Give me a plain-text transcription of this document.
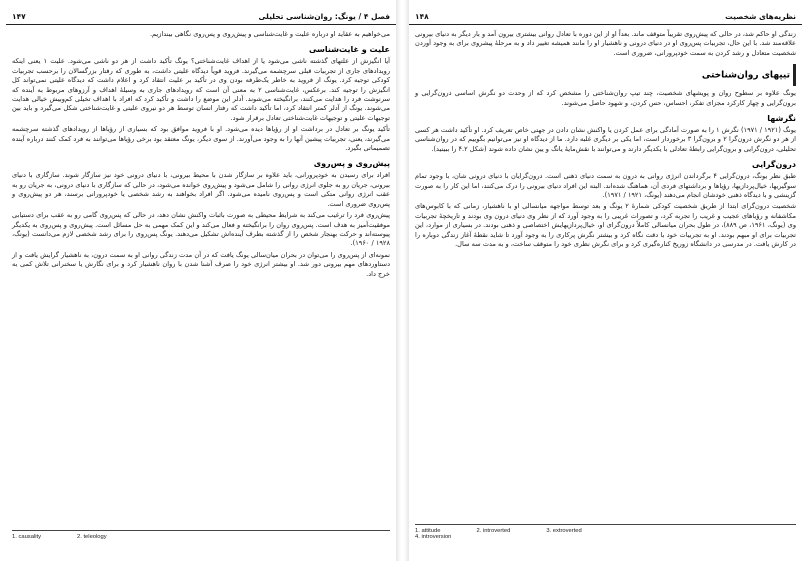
فصل ۴ / یونگ: روان‌شناسی تحلیلی
۱۴۷

می‌خواهیم به عقاید او درباره علیت و غایت‌شناسی و پیش‌روی و پس‌روی نگاهی بیندازیم.

علیت و غایت‌شناسی

آیا انگیزش از علتهای گذشته ناشی می‌شود یا از اهداف غایت‌شناختی؟ یونگ تأکید داشت از هر دو ناشی می‌شود. علیت ۱ یعنی اینکه رویدادهای جاری از تجربیات قبلی سرچشمه می‌گیرند. فروید قویاً دیدگاه علیتی داشت، به طوری که رفتار بزرگسالان را برحسب تجربیات کودکی توجیه کرد. یونگ از فروید به خاطر یک‌طرفه بودن وی در تأکید بر علیت انتقاد کرد و اعلام داشت که دیدگاه علیتی نمی‌تواند کل انگیزش را توجیه کند. برعکس، غایت‌شناسی ۲ به معنی آن است که رویدادهای جاری به وسیلهٔ اهداف و آرزوهای مربوط به آینده که سرنوشت فرد را هدایت می‌کنند، برانگیخته می‌شوند. آدلر این موضع را داشت و تأکید کرد که افراد با اهداف تخیلی کم‌وبیش خیالی هدایت می‌شوند. یونگ از آدلر کمتر انتقاد کرد، اما تأکید داشت که رفتار انسان توسط هر دو نیروی علیتی و غایت‌شناختی شکل می‌گیرد و باید بین توجیهات علیتی و توجیهات غایت‌شناختی تعادل برقرار شود.

تأکید یونگ بر تعادل در برداشت او از رؤیاها دیده می‌شود. او با فروید موافق بود که بسیاری از رؤیاها از رویدادهای گذشته سرچشمه می‌گیرند، یعنی، تجربیات پیشین آنها را به وجود می‌آورند. از سوی دیگر، یونگ معتقد بود برخی رؤیاها می‌توانند به فرد کمک کنند درباره آینده تصمیماتی بگیرد.

پیش‌روی و پس‌روی

افراد برای رسیدن به خودپرورانی، باید علاوه بر سازگار شدن با محیط بیرونی، با دنیای درونی خود نیز سازگار شوند. سازگاری با دنیای بیرونی، جریان رو به جلوی انرژی روانی را شامل می‌شود و پیش‌روی خوانده می‌شود، در حالی که سازگاری با دنیای درونی، به جریان رو به عقب انرژی روانی متکی است و پس‌روی نامیده می‌شود. اگر افراد بخواهند به رشد شخصی یا خودپرورانی برسند، هر دو پیش‌روی و پس‌روی ضروری است.

پیش‌روی فرد را ترغیب می‌کند به شرایط محیطی به صورت باثبات واکنش نشان دهد، در حالی که پس‌روی گامی رو به عقب برای دستیابی موفقیت‌آمیز به هدف است. پس‌روی روان را برانگیخته و فعال می‌کند و این کمک مهمی به حل مسائل است. پیش‌روی و پس‌روی به یکدیگر پیوسته‌اند و حرکت بهنجار شخص را از گذشته بطرف آینده‌اش تشکیل می‌دهند. یونگ پس‌روی را برای رشد شخصی لازم می‌دانست (یونگ، ۱۹۲۸ / ۱۹۶۰).

نمونه‌ای از پس‌روی را می‌توان در بحران میان‌سالی یونگ یافت که در آن مدت زندگی روانی او به سمت درون، به ناهشیار گرایش یافت و از دستاوردهای مهم بیرونی دور شد. او بیشتر انرژی خود را صرف آشنا شدن با روان ناهشیار کرد و برای نگارش یا سخنرانی تلاش کمی به خرج داد.

1. causality	2. teleology
نظریه‌های شخصیت
۱۴۸

زندگی او حاکم شد، در حالی که پیش‌روی تقریباً متوقف ماند. بعداً او از این دوره با تعادل روانی بیشتری بیرون آمد و بار دیگر به دنیای بیرونی علاقه‌مند شد. با این حال، تجربیات پس‌روی او در دنیای درونی و ناهشیار او را مانند همیشه تغییر داد و به مرحلهٔ پیشروی برای به وجود آوردن شخصیت متعادل و رشد کردن به سمت خودپرورانی، ضروری است.

تیپهای روان‌شناختی

یونگ علاوه بر سطوح روان و پویشهای شخصیت، چند تیپ روان‌شناختی را مشخص کرد که از وحدت دو نگرش اساسی درون‌گرایی و برون‌گرایی و چهار کارکرد مجزای تفکر، احساس، حس کردن، و شهود حاصل می‌شوند.

نگرشها

یونگ (۱۹۲۱ / ۱۹۷۱) نگرش ۱ را به صورت آمادگی برای عمل کردن یا واکنش نشان دادن در جهتی خاص تعریف کرد. او تأکید داشت هر کسی از هر دو نگرش درون‌گرا ۲ و برون‌گرا ۳ برخوردار است، اما یکی بر دیگری غلبه دارد. ما از دیدگاه او نیز می‌توانیم بگوییم که در روان‌شناسی تحلیلی، درون‌گرایی و برون‌گرایی رابطهٔ تعادلی با یکدیگر دارند و می‌توانند با نقش‌مایهٔ یانگ و یین نشان داده شوند (شکل ۴.۲ را ببینید).

درون‌گرایی

طبق نظر یونگ، درون‌گرایی ۴ برگرداندن انرژی روانی به درون به سمت دنیای ذهنی است. درون‌گرایان با دنیای درونی شان، با وجود تمام سوگیریها، خیال‌پردازیها، رؤیاها و برداشتهای فردی آن، هماهنگ شده‌اند. البته این افراد دنیای بیرونی را درک می‌کنند، اما این کار را به صورت گزینشی و با دیدگاه ذهنی خودشان انجام می‌دهند (یونگ، ۱۹۲۱ / ۱۹۷۱).

شخصیت درون‌گرای ابتدا از طریق شخصیت کودکی شمارهٔ ۲ یونگ و بعد توسط مواجهه میانسالی او با ناهشیار، زمانی که با کابوس‌های مکاشفانه و رؤیاهای عجیب و غریب را تجربه کرد، و تصورات غریبی را به وجود آورد که از نظر وی دنیای درون وی بودند و تاریخچهٔ تجربیات وی (یونگ، ۱۹۶۱، ص ۸۸۹)، در طول بحران میانسالی کاملاً درون‌گرای او، خیال‌پردازیهایش اختصاصی و ذهنی بودند. در بسیاری از موارد، این تجربیات برای او مبهم بودند. او به تجربیات خود با دقت نگاه کرد و بیشتر نگرش پرکاری را به وجود آورد تا شاید نقطهٔ آغاز زندگی دوباره را در کارش یافت. در مدرسی در دانشگاه زوریخ کناره‌گیری کرد و برای نگرش نظری خود را متوقف ساخت، و به مدت سه سال.

1. attitude	2. introverted	3. extroverted
4. introversion
